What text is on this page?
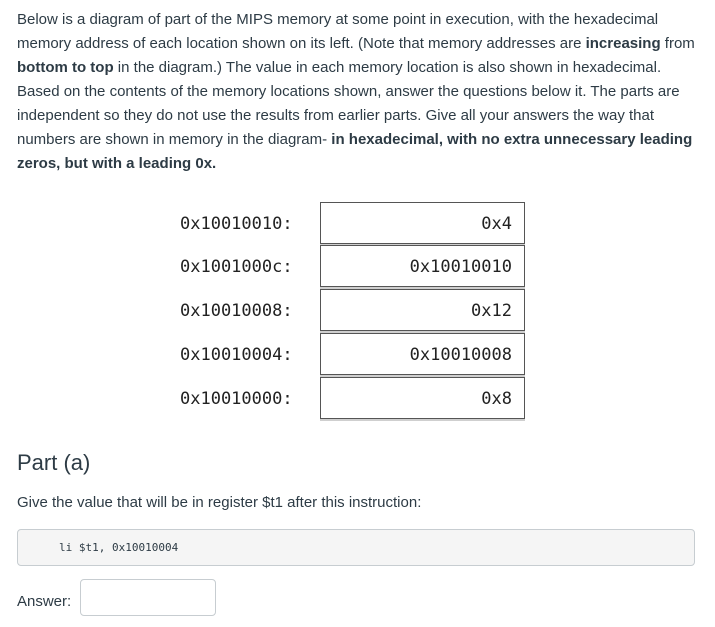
Below is a diagram of part of the MIPS memory at some point in execution, with the hexadecimal memory address of each location shown on its left. (Note that memory addresses are increasing from bottom to top in the diagram.) The value in each memory location is also shown in hexadecimal. Based on the contents of the memory locations shown, answer the questions below it. The parts are independent so they do not use the results from earlier parts. Give all your answers the way that numbers are shown in memory in the diagram- in hexadecimal, with no extra unnecessary leading zeros, but with a leading 0x.

0x10010010:	0x4
0x1001000c:	0x10010010
0x10010008:	0x12
0x10010004:	0x10010008
0x10010000:	0x8
Part (a)

Give the value that will be in register $t1 after this instruction:

li $t1, 0x10010004
Answer:
